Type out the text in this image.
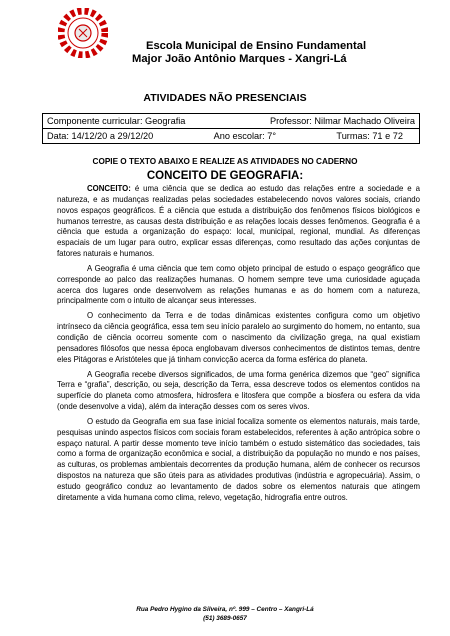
Escola Municipal de Ensino Fundamental
Major João Antônio Marques - Xangri-Lá
ATIVIDADES NÃO PRESENCIAIS
Componente curricular: Geografia	Professor: Nilmar Machado Oliveira

Data: 14/12/20 a 29/12/20	Ano escolar: 7°	Turmas: 71 e 72
COPIE O TEXTO ABAIXO E REALIZE AS ATIVIDADES NO CADERNO
CONCEITO DE GEOGRAFIA:

CONCEITO: é uma ciência que se dedica ao estudo das relações entre a sociedade e a natureza, e as mudanças realizadas pelas sociedades estabelecendo novos valores sociais, criando novos espaços geográficos. É a ciência que estuda a distribuição dos fenômenos físicos biológicos e humanos terrestre, as causas desta distribuição e as relações locais desses fenômenos. Geografia é a ciência que estuda a organização do espaço: local, municipal, regional, mundial. As diferenças espaciais de um lugar para outro, explicar essas diferenças, como resultado das ações conjuntas de fatores naturais e humanos.

A Geografia é uma ciência que tem como objeto principal de estudo o espaço geográfico que corresponde ao palco das realizações humanas. O homem sempre teve uma curiosidade aguçada acerca dos lugares onde desenvolvem as relações humanas e as do homem com a natureza, principalmente com o intuito de alcançar seus interesses.

O conhecimento da Terra e de todas dinâmicas existentes configura como um objetivo intrínseco da ciência geográfica, essa tem seu início paralelo ao surgimento do homem, no entanto, sua condição de ciência ocorreu somente com o nascimento da civilização grega, na qual existiam pensadores filósofos que nessa época englobavam diversos conhecimentos de distintos temas, dentre eles Pitágoras e Aristóteles que já tinham convicção acerca da forma esférica do planeta.

A Geografia recebe diversos significados, de uma forma genérica dizemos que “geo” significa Terra e “grafia”, descrição, ou seja, descrição da Terra, essa descreve todos os elementos contidos na superfície do planeta como atmosfera, hidrosfera e litosfera que compõe a biosfera ou esfera da vida (onde desenvolve a vida), além da interação desses com os seres vivos.

O estudo da Geografia em sua fase inicial focaliza somente os elementos naturais, mais tarde, pesquisas unindo aspectos físicos com sociais foram estabelecidos, referentes à ação antrópica sobre o espaço natural. A partir desse momento teve início também o estudo sistemático das sociedades, tais como a forma de organização econômica e social, a distribuição da população no mundo e nos países, as culturas, os problemas ambientais decorrentes da produção humana, além de conhecer os recursos dispostos na natureza que são úteis para as atividades produtivas (indústria e agropecuária). Assim, o estudo geográfico conduz ao levantamento de dados sobre os elementos naturais que atingem diretamente a vida humana como clima, relevo, vegetação, hidrografia entre outros.

Rua Pedro Hygino da Silveira, nº. 999 – Centro – Xangri-Lá
(51) 3689-0657
